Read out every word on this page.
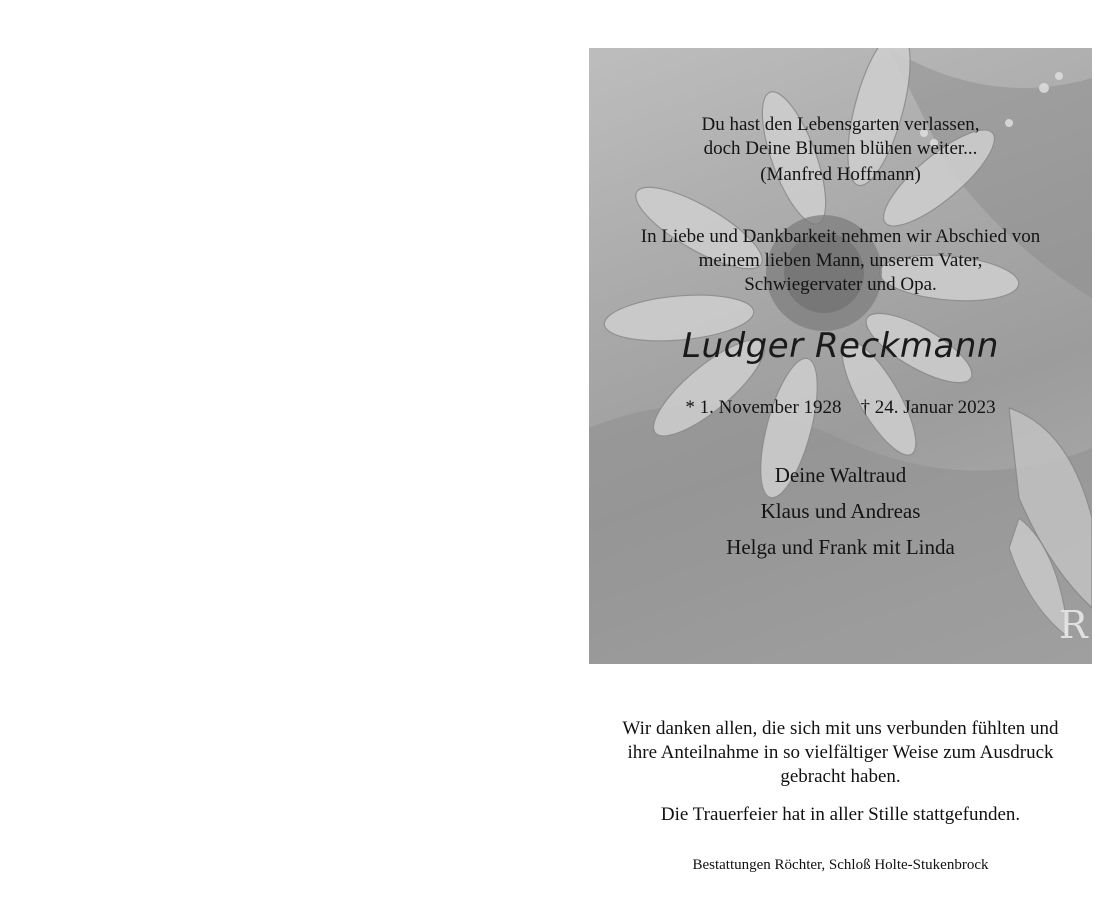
R
Du hast den Lebensgarten verlassen,
doch Deine Blumen blühen weiter...
(Manfred Hoffmann)
In Liebe und Dankbarkeit nehmen wir Abschied von
meinem lieben Mann, unserem Vater,
Schwiegervater und Opa.
Ludger Reckmann
* 1. November 1928    † 24. Januar 2023
Deine Waltraud
Klaus und Andreas
Helga und Frank mit Linda
Wir danken allen, die sich mit uns verbunden fühlten und
ihre Anteilnahme in so vielfältiger Weise zum Ausdruck
gebracht haben.
Die Trauerfeier hat in aller Stille stattgefunden.
Bestattungen Röchter, Schloß Holte-Stukenbrock
